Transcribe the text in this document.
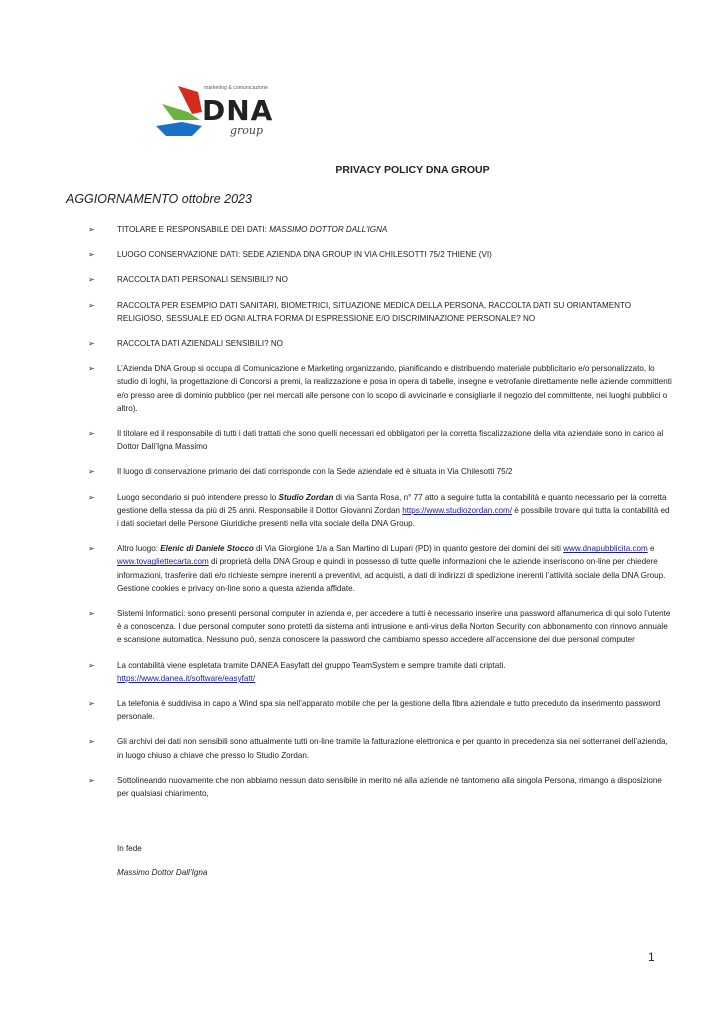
marketing & comunicazione
DNA
group
PRIVACY POLICY DNA GROUP
AGGIORNAMENTO ottobre 2023
➢	TITOLARE E RESPONSABILE DEI DATI: MASSIMO DOTTOR DALL’IGNA
➢	LUOGO CONSERVAZIONE DATI: SEDE AZIENDA DNA GROUP IN VIA CHILESOTTI 75/2 THIENE (VI)
➢	RACCOLTA DATI PERSONALI SENSIBILI? NO
➢	RACCOLTA PER ESEMPIO DATI SANITARI, BIOMETRICI, SITUAZIONE MEDICA DELLA PERSONA, RACCOLTA DATI SU ORIANTAMENTO RELIGIOSO, SESSUALE ED OGNI ALTRA FORMA DI ESPRESSIONE E/O DISCRIMINAZIONE PERSONALE? NO
➢	RACCOLTA DATI AZIENDALI SENSIBILI? NO
➢	L’Azienda DNA Group si occupa di Comunicazione e Marketing organizzando, pianificando e distribuendo materiale pubblicitario e/o personalizzato, lo studio di loghi, la progettazione di Concorsi a premi, la realizzazione e posa in opera di tabelle, insegne e vetrofanie direttamente nelle aziende committenti e/o presso aree di dominio pubblico (per nei mercati alle persone con lo scopo di avvicinarle e consigliarle il negozio del committente, nei luoghi pubblici o altro).
➢	Il titolare ed il responsabile di tutti i dati trattati che sono quelli necessari ed obbligatori per la corretta fiscalizzazione della vita aziendale sono in carico al Dottor Dall’Igna Massimo
➢	Il luogo di conservazione primario dei dati corrisponde con la Sede aziendale ed è situata in Via Chilesotti 75/2
➢	Luogo secondario si può intendere presso lo Studio Zordan di via Santa Rosa, n° 77 atto a seguire tutta la contabilità e quanto necessario per la corretta gestione della stessa da più di 25 anni. Responsabile il Dottor Giovanni Zordan https://www.studiozordan.com/ è possibile trovare qui tutta la contabilità ed i dati societari delle Persone Giuridiche presenti nella vita sociale della DNA Group.
➢	Altro luogo: Elenic di Daniele Stocco di Via Giorgione 1/a a San Martino di Lupari (PD) in quanto gestore dei domini dei siti www.dnapubblicita.com e www.tovagliettecarta.com di proprietà della DNA Group e quindi in possesso di tutte quelle informazioni che le aziende inseriscono on-line per chiedere informazioni, trasferire dati e/o richieste sempre inerenti a preventivi, ad acquisti, a dati di indirizzi di spedizione inerenti l’attività sociale della DNA Group. Gestione cookies e privacy on-line sono a questa azienda affidate.
➢	Sistemi Informatici: sono presenti personal computer in azienda e, per accedere a tutti è necessario inserire una password alfanumerica di qui solo l’utente è a conoscenza. I due personal computer sono protetti da sistema anti intrusione e anti-virus della Norton Security con abbonamento con rinnovo annuale e scansione automatica. Nessuno può, senza conoscere la password che cambiamo spesso accedere all’accensione dei due personal computer
➢	La contabilità viene espletata tramite DANEA Easyfatt del gruppo TeamSystem e sempre tramite dati criptati.
https://www.danea.it/software/easyfatt/
➢	La telefonia è suddivisa in capo a Wind spa sia nell’apparato mobile che per la gestione della fibra aziendale e tutto preceduto da inserimento password personale.
➢	Gli archivi dei dati non sensibili sono attualmente tutti on-line tramite la fatturazione elettronica e per quanto in precedenza sia nei sotterranei dell’azienda, in luogo chiuso a chiave che presso lo Studio Zordan.
➢	Sottolineando nuovamente che non abbiamo nessun dato sensibile in merito né alla aziende né tantomeno alla singola Persona, rimango a disposizione per qualsiasi chiarimento,
In fede
Massimo Dottor Dall’Igna
1
